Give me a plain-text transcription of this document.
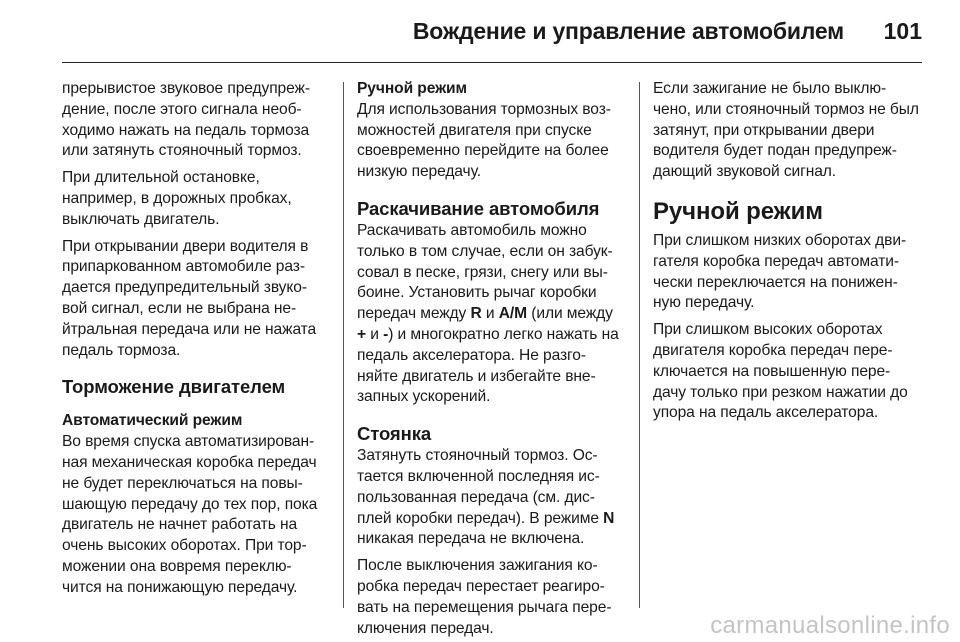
Вождение и управление автомобилем 101
прерывистое звуковое предупреж‐дение, после этого сигнала необ‐ходимо нажать на педаль тормоза или затянуть стояночный тормоз.
При длительной остановке, например, в дорожных пробках, выключать двигатель.
При открывании двери водителя в припаркованном автомобиле раз‐дается предупредительный звуко‐вой сигнал, если не выбрана не‐йтральная передача или не нажата педаль тормоза.
Торможение двигателем
Автоматический режим
Во время спуска автоматизирован‐ная механическая коробка передач не будет переключаться на повы‐шающую передачу до тех пор, пока двигатель не начнет работать на очень высоких оборотах. При тор‐можении она вовремя переклю‐чится на понижающую передачу.
Ручной режим
Для использования тормозных воз‐можностей двигателя при спуске своевременно перейдите на более низкую передачу.
Раскачивание автомобиля
Раскачивать автомобиль можно только в том случае, если он забук‐совал в песке, грязи, снегу или вы‐боине. Установить рычаг коробки передач между R и A/M (или между + и -) и многократно легко нажать на педаль акселератора. Не разго‐няйте двигатель и избегайте вне‐запных ускорений.
Стоянка
Затянуть стояночный тормоз. Ос‐тается включенной последняя ис‐пользованная передача (см. дис‐плей коробки передач). В режиме N никакая передача не включена.
После выключения зажигания ко‐робка передач перестает реагиро‐вать на перемещения рычага пере‐ключения передач.
Если зажигание не было выклю‐чено, или стояночный тормоз не был затянут, при открывании двери водителя будет подан предупреж‐дающий звуковой сигнал.
Ручной режим
При слишком низких оборотах дви‐гателя коробка передач автомати‐чески переключается на понижен‐ную передачу.
При слишком высоких оборотах двигателя коробка передач пере‐ключается на повышенную пере‐дачу только при резком нажатии до упора на педаль акселератора.
carmanualsonline.info
